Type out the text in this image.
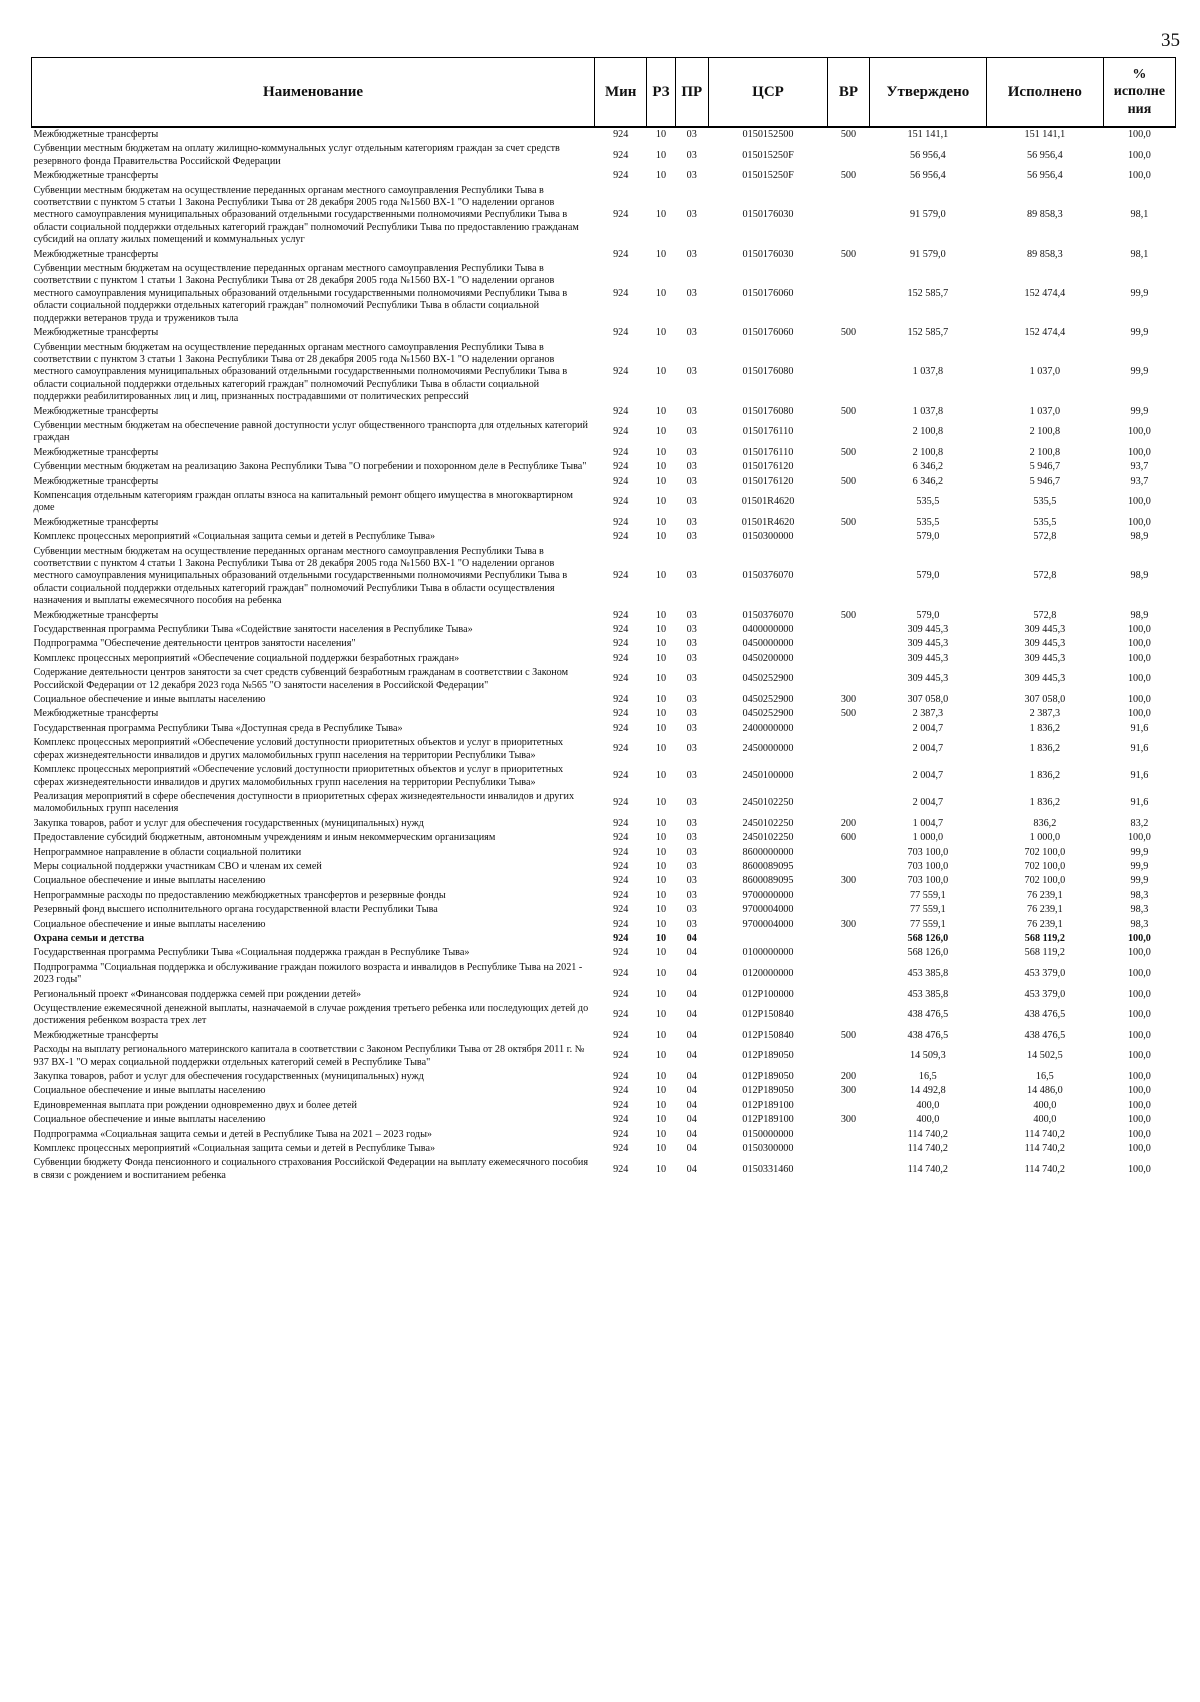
35
Наименование	Мин	РЗ	ПР	ЦСР	ВР	Утверждено	Исполнено	% исполне ния
Межбюджетные трансферты	924	10	03	0150152500	500	151 141,1	151 141,1	100,0
Субвенции местным бюджетам на оплату жилищно-коммунальных услуг отдельным категориям граждан за счет средств резервного фонда Правительства Российской Федерации	924	10	03	015015250F		56 956,4	56 956,4	100,0
Межбюджетные трансферты	924	10	03	015015250F	500	56 956,4	56 956,4	100,0
Субвенции местным бюджетам на осуществление переданных органам местного самоуправления Республики Тыва в соответствии с пунктом 5 статьи 1 Закона Республики Тыва от 28 декабря 2005 года №1560 ВХ-1 "О наделении органов местного самоуправления муниципальных образований отдельными государственными полномочиями Республики Тыва в области социальной поддержки отдельных категорий граждан" полномочий Республики Тыва по предоставлению гражданам субсидий на оплату жилых помещений и коммунальных услуг	924	10	03	0150176030		91 579,0	89 858,3	98,1
Межбюджетные трансферты	924	10	03	0150176030	500	91 579,0	89 858,3	98,1
Субвенции местным бюджетам на осуществление переданных органам местного самоуправления Республики Тыва в соответствии с пунктом 1 статьи 1 Закона Республики Тыва от 28 декабря 2005 года №1560 ВХ-1 "О наделении органов местного самоуправления муниципальных образований отдельными государственными полномочиями Республики Тыва в области социальной поддержки отдельных категорий граждан" полномочий Республики Тыва в области социальной поддержки ветеранов труда и тружеников тыла	924	10	03	0150176060		152 585,7	152 474,4	99,9
Межбюджетные трансферты	924	10	03	0150176060	500	152 585,7	152 474,4	99,9
Субвенции местным бюджетам на осуществление переданных органам местного самоуправления Республики Тыва в соответствии с пунктом 3 статьи 1 Закона Республики Тыва от 28 декабря 2005 года №1560 ВХ-1 "О наделении органов местного самоуправления муниципальных образований отдельными государственными полномочиями Республики Тыва в области социальной поддержки отдельных категорий граждан" полномочий Республики Тыва в области социальной поддержки реабилитированных лиц и лиц, признанных пострадавшими от политических репрессий	924	10	03	0150176080		1 037,8	1 037,0	99,9
Межбюджетные трансферты	924	10	03	0150176080	500	1 037,8	1 037,0	99,9
Субвенции местным бюджетам на обеспечение равной доступности услуг общественного транспорта для отдельных категорий граждан	924	10	03	0150176110		2 100,8	2 100,8	100,0
Межбюджетные трансферты	924	10	03	0150176110	500	2 100,8	2 100,8	100,0
Субвенции местным бюджетам на реализацию Закона Республики Тыва "О погребении и похоронном деле в Республике Тыва"	924	10	03	0150176120		6 346,2	5 946,7	93,7
Межбюджетные трансферты	924	10	03	0150176120	500	6 346,2	5 946,7	93,7
Компенсация отдельным категориям граждан оплаты взноса на капитальный ремонт общего имущества в многоквартирном доме	924	10	03	01501R4620		535,5	535,5	100,0
Межбюджетные трансферты	924	10	03	01501R4620	500	535,5	535,5	100,0
Комплекс процессных мероприятий «Социальная защита семьи и детей в Республике Тыва»	924	10	03	0150300000		579,0	572,8	98,9
Субвенции местным бюджетам на осуществление переданных органам местного самоуправления Республики Тыва в соответствии с пунктом 4 статьи 1 Закона Республики Тыва от 28 декабря 2005 года №1560 ВХ-1 "О наделении органов местного самоуправления муниципальных образований отдельными государственными полномочиями Республики Тыва в области социальной поддержки отдельных категорий граждан" полномочий Республики Тыва в области осуществления назначения и выплаты ежемесячного пособия на ребенка	924	10	03	0150376070		579,0	572,8	98,9
Межбюджетные трансферты	924	10	03	0150376070	500	579,0	572,8	98,9
Государственная программа Республики Тыва «Содействие занятости населения в Республике Тыва»	924	10	03	0400000000		309 445,3	309 445,3	100,0
Подпрограмма "Обеспечение деятельности центров занятости населения"	924	10	03	0450000000		309 445,3	309 445,3	100,0
Комплекс процессных мероприятий «Обеспечение социальной поддержки безработных граждан»	924	10	03	0450200000		309 445,3	309 445,3	100,0
Содержание деятельности центров занятости за счет средств субвенций безработным гражданам в соответствии с Законом Российской Федерации от 12 декабря 2023 года №565 "О занятости населения в Российской Федерации"	924	10	03	0450252900		309 445,3	309 445,3	100,0
Социальное обеспечение и иные выплаты населению	924	10	03	0450252900	300	307 058,0	307 058,0	100,0
Межбюджетные трансферты	924	10	03	0450252900	500	2 387,3	2 387,3	100,0
Государственная программа Республики Тыва «Доступная среда в Республике Тыва»	924	10	03	2400000000		2 004,7	1 836,2	91,6
Комплекс процессных мероприятий «Обеспечение условий доступности приоритетных объектов и услуг в приоритетных сферах жизнедеятельности инвалидов и других маломобильных групп населения на территории Республики Тыва»	924	10	03	2450000000		2 004,7	1 836,2	91,6
Комплекс процессных мероприятий «Обеспечение условий доступности приоритетных объектов и услуг в приоритетных сферах жизнедеятельности инвалидов и других маломобильных групп населения на территории Республики Тыва»	924	10	03	2450100000		2 004,7	1 836,2	91,6
Реализация мероприятий в сфере обеспечения доступности в приоритетных сферах жизнедеятельности инвалидов и других маломобильных групп населения	924	10	03	2450102250		2 004,7	1 836,2	91,6
Закупка товаров, работ и услуг для обеспечения государственных (муниципальных) нужд	924	10	03	2450102250	200	1 004,7	836,2	83,2
Предоставление субсидий бюджетным, автономным учреждениям и иным некоммерческим организациям	924	10	03	2450102250	600	1 000,0	1 000,0	100,0
Непрограммное направление в области социальной политики	924	10	03	8600000000		703 100,0	702 100,0	99,9
Меры социальной поддержки участникам СВО и членам их семей	924	10	03	8600089095		703 100,0	702 100,0	99,9
Социальное обеспечение и иные выплаты населению	924	10	03	8600089095	300	703 100,0	702 100,0	99,9
Непрограммные расходы по предоставлению межбюджетных трансфертов и резервные фонды	924	10	03	9700000000		77 559,1	76 239,1	98,3
Резервный фонд высшего исполнительного органа государственной власти Республики Тыва	924	10	03	9700004000		77 559,1	76 239,1	98,3
Социальное обеспечение и иные выплаты населению	924	10	03	9700004000	300	77 559,1	76 239,1	98,3
Охрана семьи и детства	924	10	04			568 126,0	568 119,2	100,0
Государственная программа Республики Тыва «Социальная поддержка граждан в Республике Тыва»	924	10	04	0100000000		568 126,0	568 119,2	100,0
Подпрограмма "Социальная поддержка и обслуживание граждан пожилого возраста и инвалидов в Республике Тыва на 2021 - 2023 годы"	924	10	04	0120000000		453 385,8	453 379,0	100,0
Региональный проект «Финансовая поддержка семей при рождении детей»	924	10	04	012P100000		453 385,8	453 379,0	100,0
Осуществление ежемесячной денежной выплаты, назначаемой в случае рождения третьего ребенка или последующих детей до достижения ребенком возраста трех лет	924	10	04	012P150840		438 476,5	438 476,5	100,0
Межбюджетные трансферты	924	10	04	012P150840	500	438 476,5	438 476,5	100,0
Расходы на выплату регионального материнского капитала в соответствии с Законом Республики Тыва от 28 октября 2011 г. № 937 ВХ-1 "О мерах социальной поддержки отдельных категорий семей в Республике Тыва"	924	10	04	012P189050		14 509,3	14 502,5	100,0
Закупка товаров, работ и услуг для обеспечения государственных (муниципальных) нужд	924	10	04	012P189050	200	16,5	16,5	100,0
Социальное обеспечение и иные выплаты населению	924	10	04	012P189050	300	14 492,8	14 486,0	100,0
Единовременная выплата при рождении одновременно двух и более детей	924	10	04	012P189100		400,0	400,0	100,0
Социальное обеспечение и иные выплаты населению	924	10	04	012P189100	300	400,0	400,0	100,0
Подпрограмма «Социальная защита семьи и детей в Республике Тыва на 2021 – 2023 годы»	924	10	04	0150000000		114 740,2	114 740,2	100,0
Комплекс процессных мероприятий «Социальная защита семьи и детей в Республике Тыва»	924	10	04	0150300000		114 740,2	114 740,2	100,0
Субвенции бюджету Фонда пенсионного и социального страхования Российской Федерации на выплату ежемесячного пособия в связи с рождением и воспитанием ребенка	924	10	04	0150331460		114 740,2	114 740,2	100,0
